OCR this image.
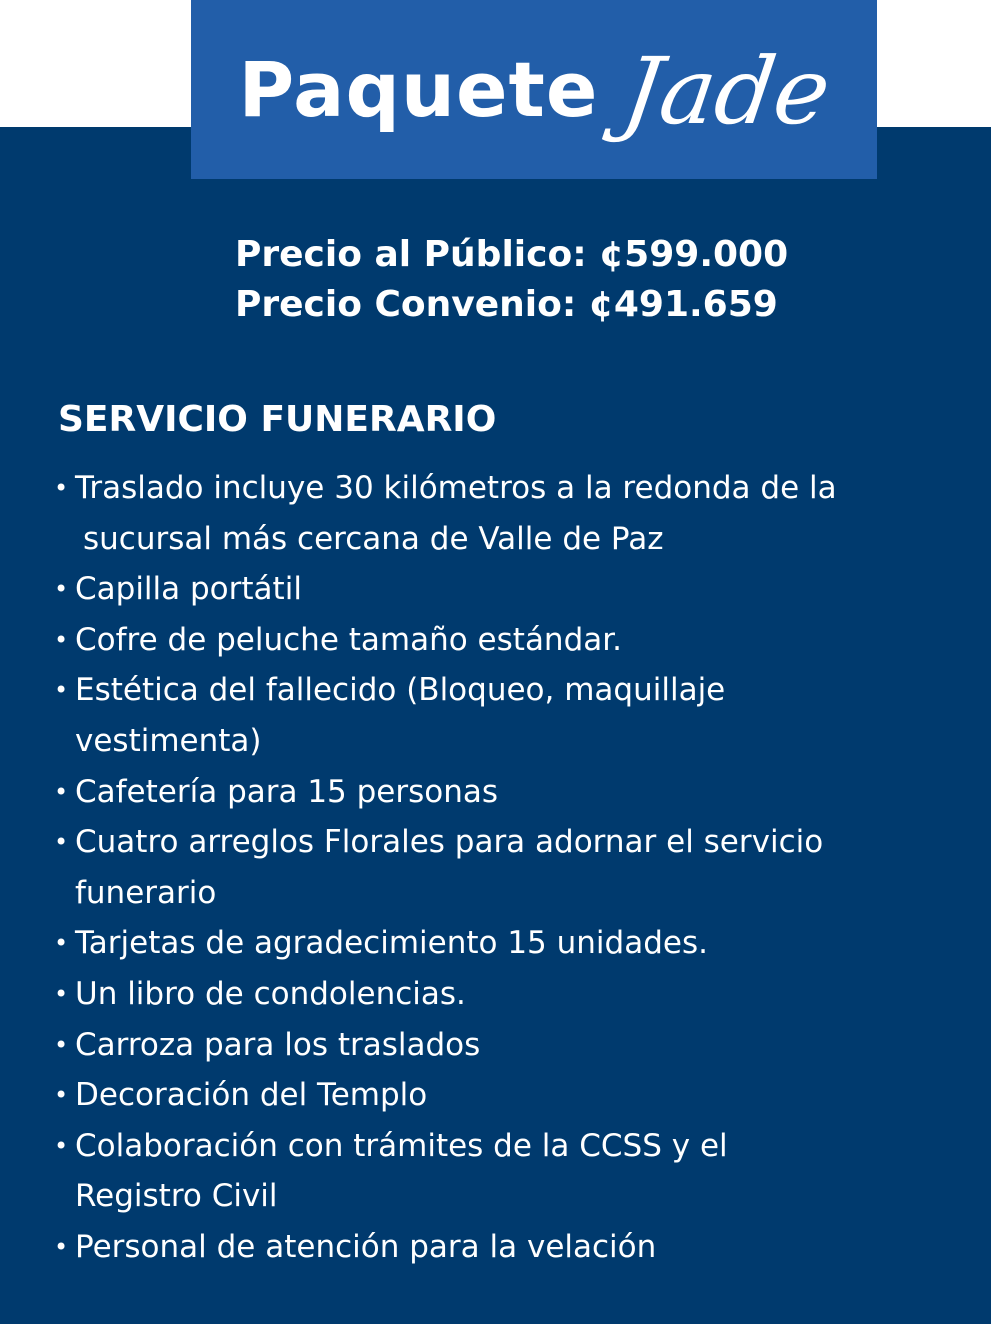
Paquete Jade
Precio al Público: ¢599.000
Precio Convenio: ¢491.659
SERVICIO FUNERARIO
• Traslado incluye 30 kilómetros a la redonda de la
sucursal más cercana de Valle de Paz
• Capilla portátil
• Cofre de peluche tamaño estándar.
• Estética del fallecido (Bloqueo, maquillaje
vestimenta)
• Cafetería para 15 personas
• Cuatro arreglos Florales para adornar el servicio
funerario
• Tarjetas de agradecimiento 15 unidades.
• Un libro de condolencias.
• Carroza para los traslados
• Decoración del Templo
• Colaboración con trámites de la CCSS y el
Registro Civil
• Personal de atención para la velación
